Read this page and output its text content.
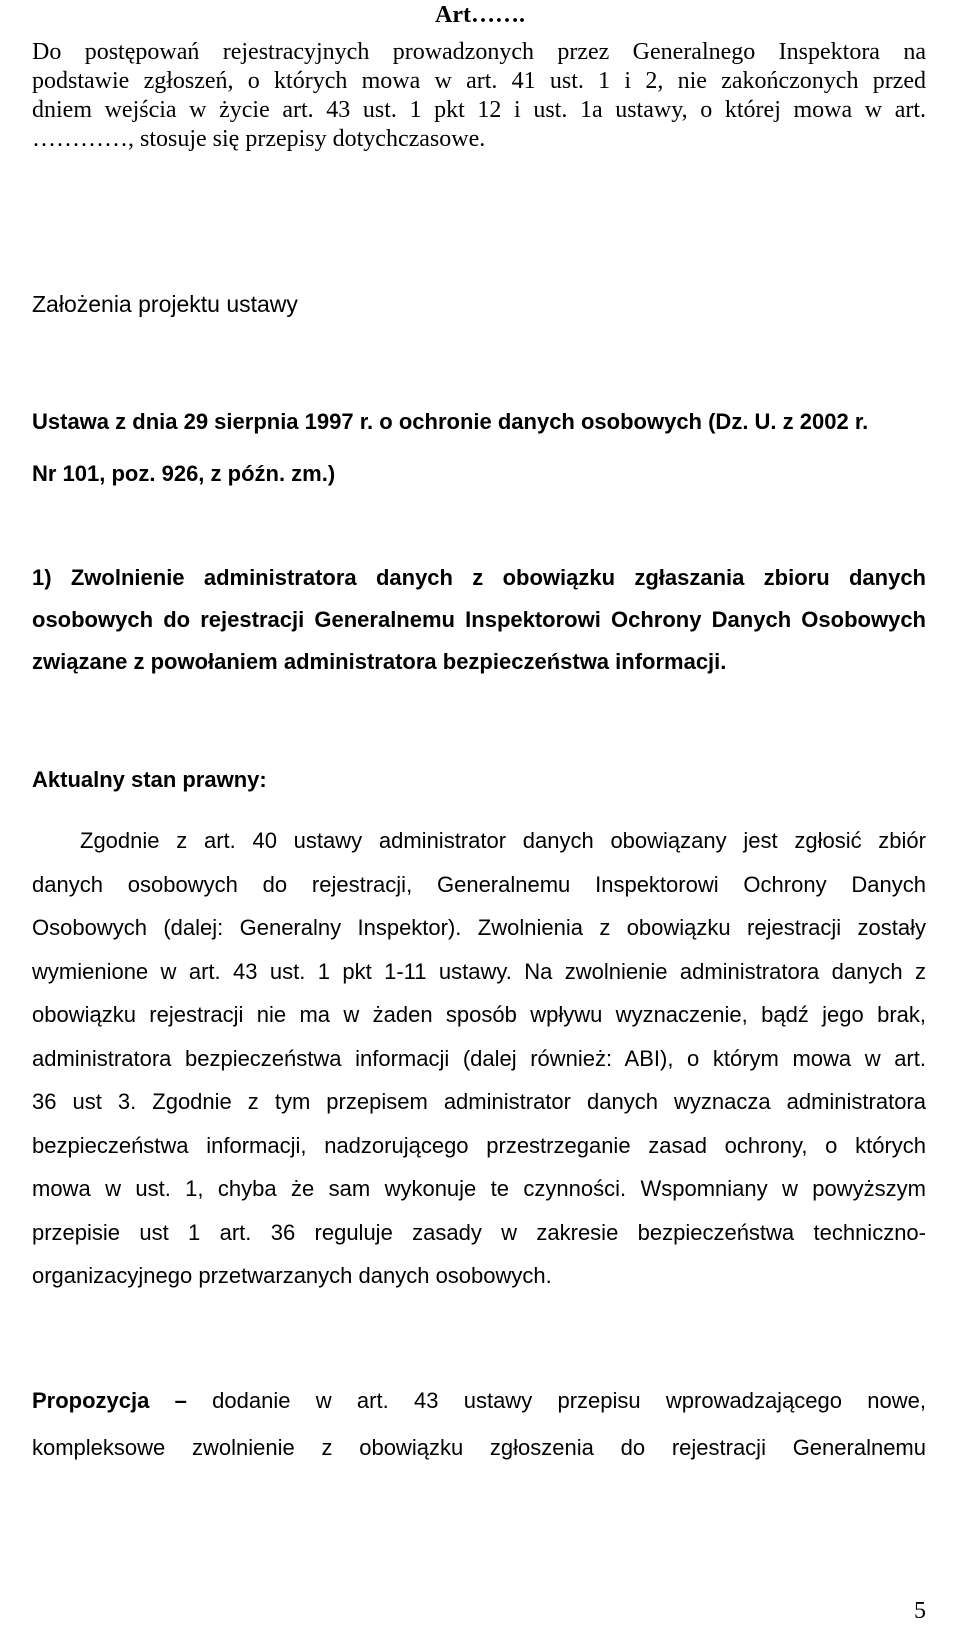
Art…….
Do postępowań rejestracyjnych prowadzonych przez Generalnego Inspektora na
podstawie zgłoszeń, o których mowa w art. 41 ust. 1 i 2, nie zakończonych przed
dniem wejścia w życie art. 43 ust. 1 pkt 12 i ust. 1a ustawy, o której mowa w art.
…………, stosuje się przepisy dotychczasowe.
Założenia projektu ustawy
Ustawa z dnia 29 sierpnia 1997 r. o ochronie danych osobowych (Dz. U. z 2002 r.
Nr 101, poz. 926, z późn. zm.)
1) Zwolnienie administratora danych z obowiązku zgłaszania zbioru danych
osobowych do rejestracji Generalnemu Inspektorowi Ochrony Danych Osobowych
związane z powołaniem administratora bezpieczeństwa informacji.
Aktualny stan prawny:
Zgodnie z art. 40 ustawy administrator danych obowiązany jest zgłosić zbiór
danych osobowych do rejestracji, Generalnemu Inspektorowi Ochrony Danych
Osobowych (dalej: Generalny Inspektor). Zwolnienia z obowiązku rejestracji zostały
wymienione w art. 43 ust. 1 pkt 1-11 ustawy. Na zwolnienie administratora danych z
obowiązku rejestracji nie ma w żaden sposób wpływu wyznaczenie, bądź jego brak,
administratora bezpieczeństwa informacji (dalej również: ABI), o którym mowa w art.
36 ust 3. Zgodnie z tym przepisem administrator danych wyznacza administratora
bezpieczeństwa informacji, nadzorującego przestrzeganie zasad ochrony, o których
mowa w ust. 1, chyba że sam wykonuje te czynności. Wspomniany w powyższym
przepisie ust 1 art. 36 reguluje zasady w zakresie bezpieczeństwa techniczno-
organizacyjnego przetwarzanych danych osobowych.
Propozycja – dodanie w art. 43 ustawy przepisu wprowadzającego nowe,
kompleksowe zwolnienie z obowiązku zgłoszenia do rejestracji Generalnemu
5
